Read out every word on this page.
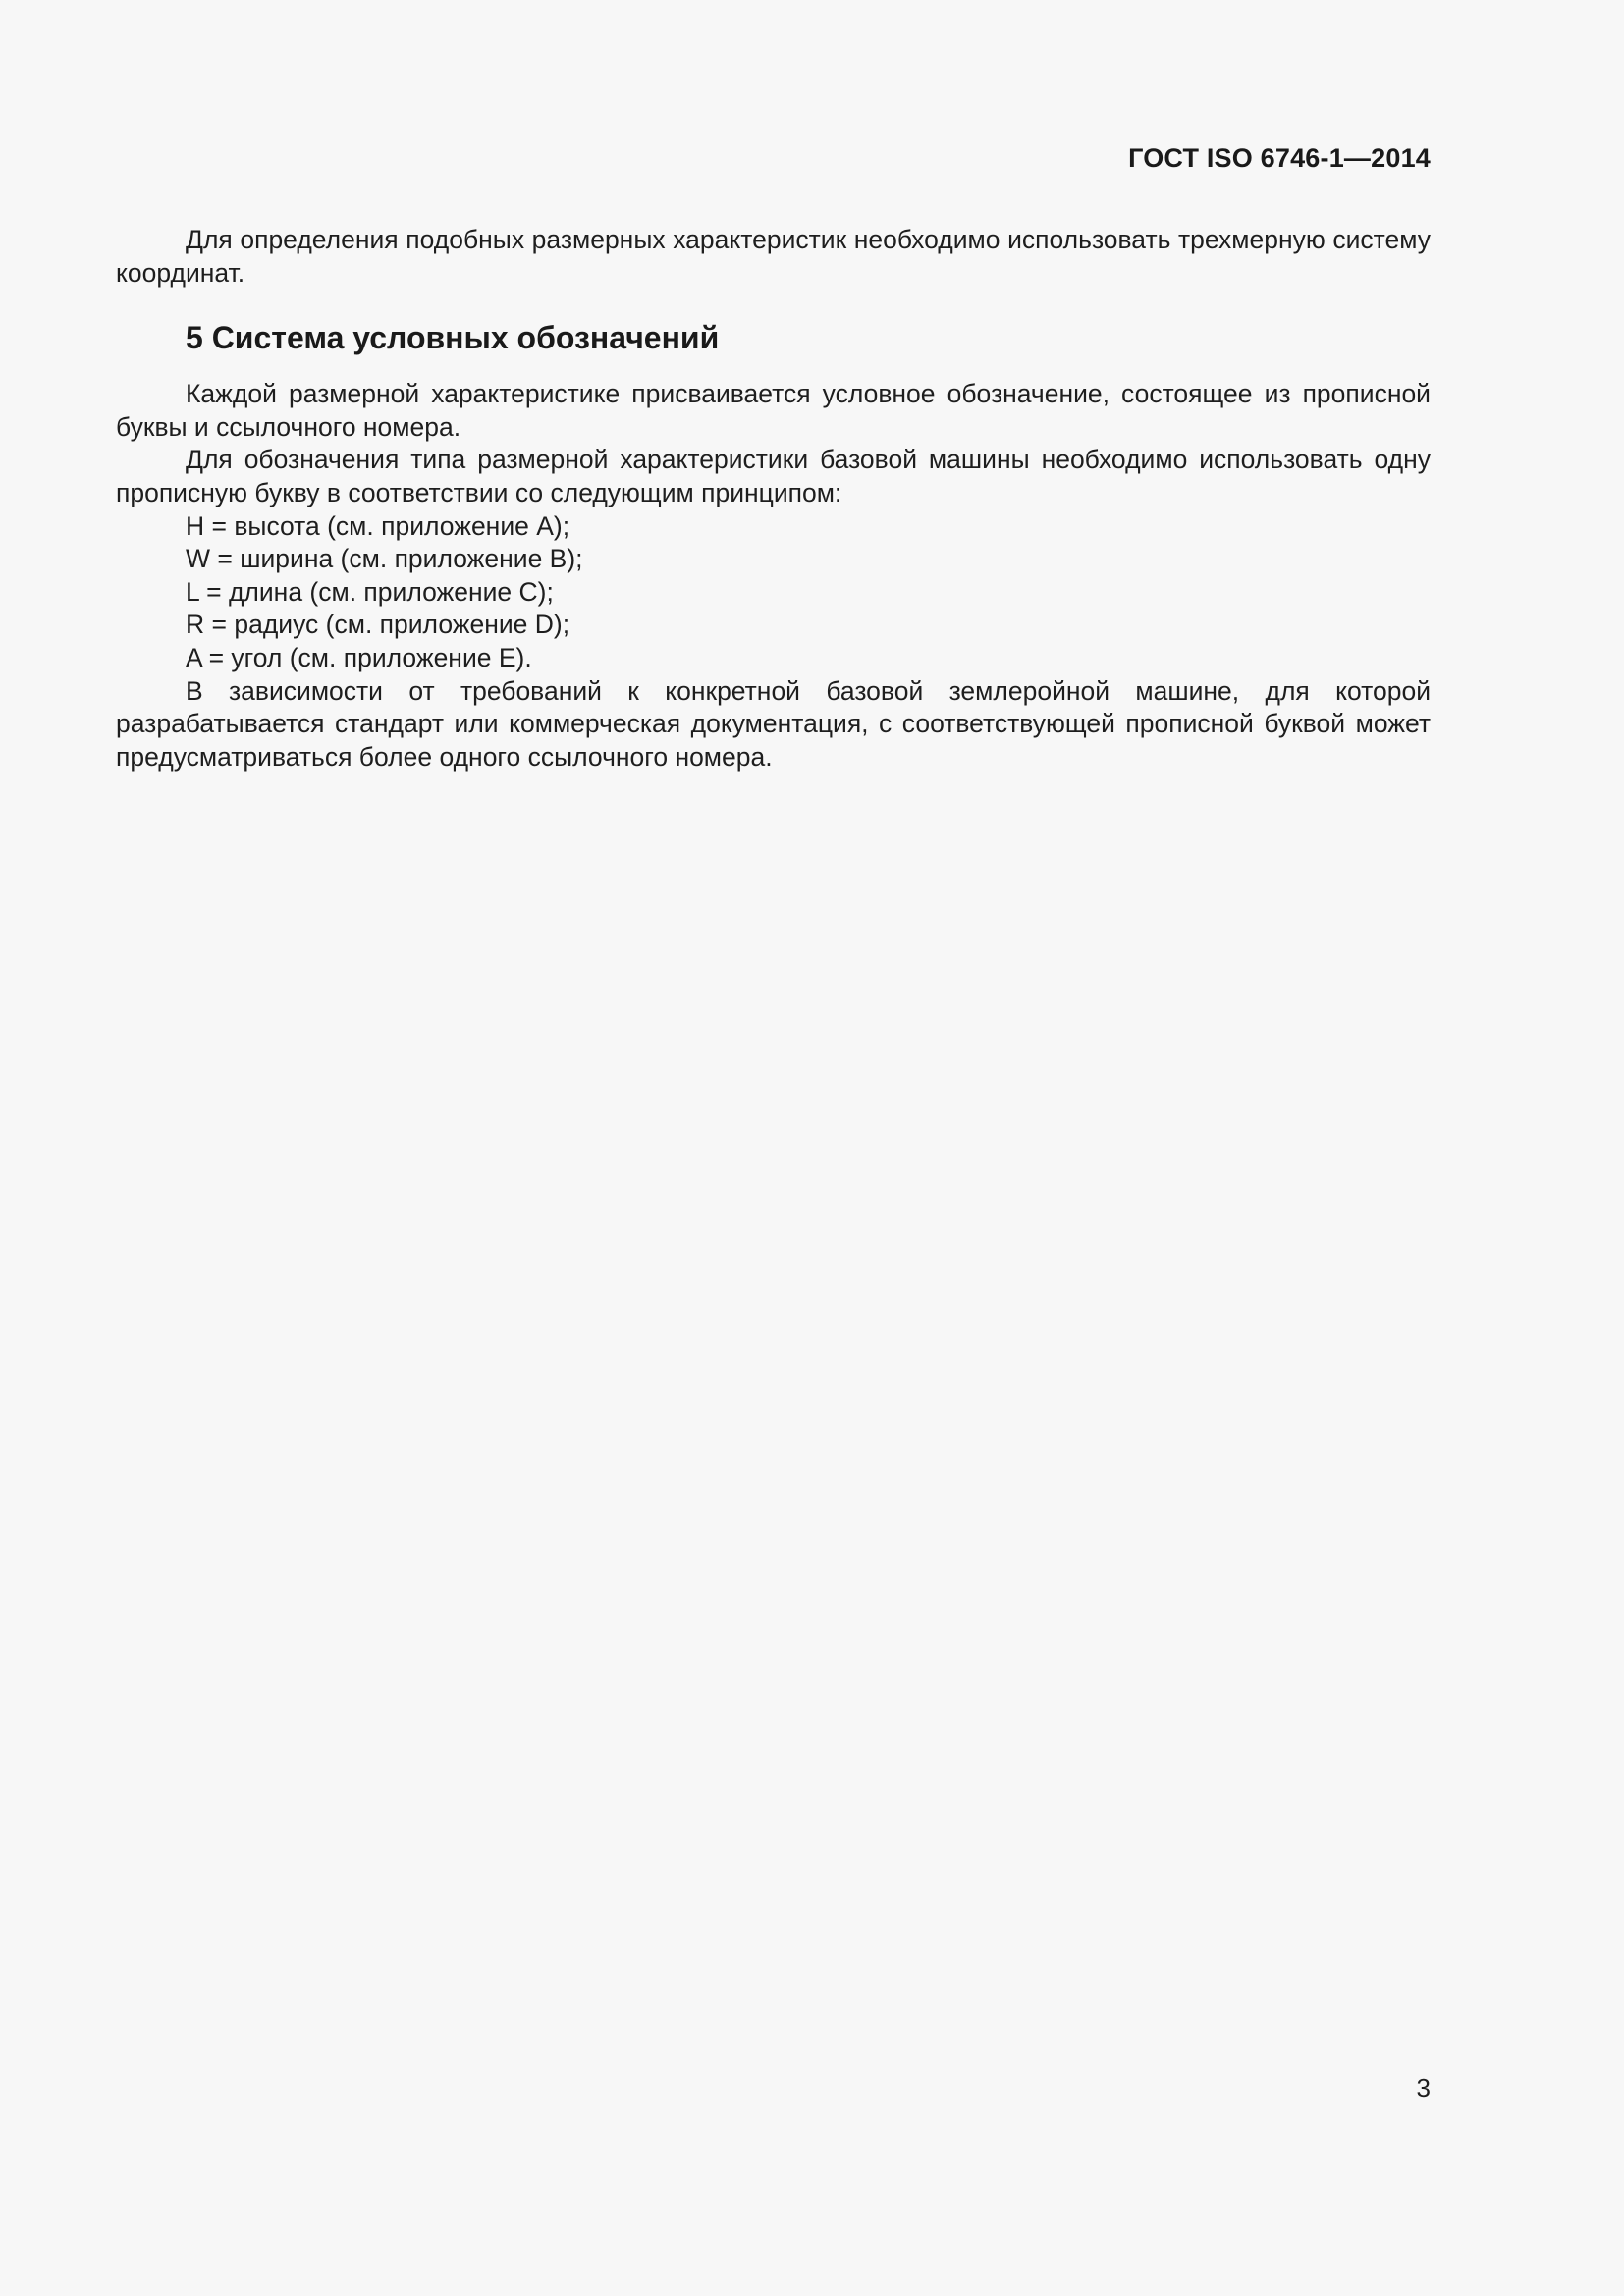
ГОСТ ISO 6746-1—2014

Для определения подобных размерных характеристик необходимо использовать трехмерную систему координат.

5 Система условных обозначений

Каждой размерной характеристике присваивается условное обозначение, состоящее из прописной буквы и ссылочного номера.

Для обозначения типа размерной характеристики базовой машины необходимо использовать одну прописную букву в соответствии со следующим принципом:

H = высота (см. приложение A);

W = ширина (см. приложение B);

L = длина (см. приложение C);

R = радиус (см. приложение D);

A = угол (см. приложение E).

В зависимости от требований к конкретной базовой землеройной машине, для которой разрабатывается стандарт или коммерческая документация, с соответствующей прописной буквой может предусматриваться более одного ссылочного номера.

3
